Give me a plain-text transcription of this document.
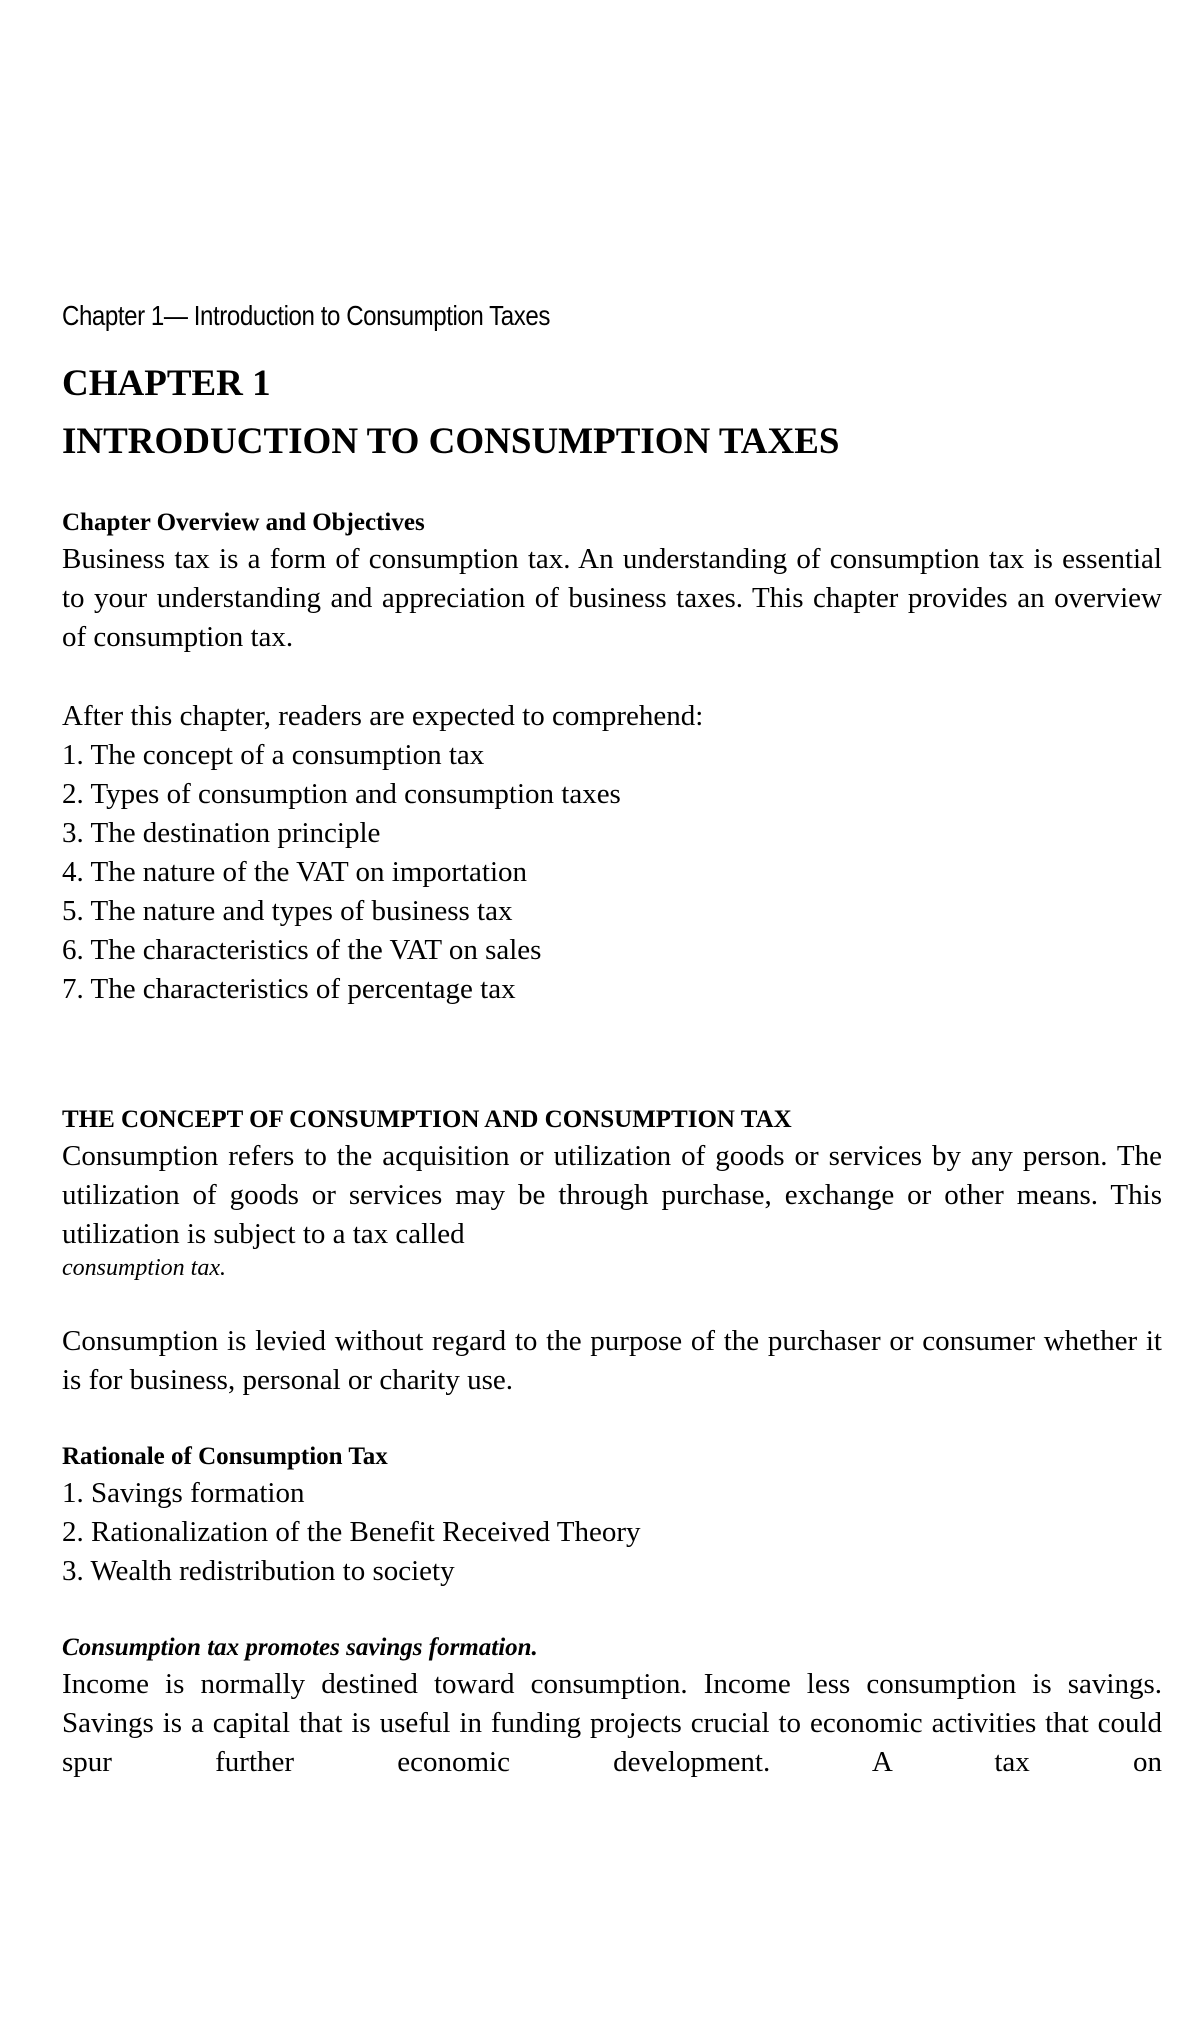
Chapter 1— Introduction to Consumption Taxes
CHAPTER 1
INTRODUCTION TO CONSUMPTION TAXES
Chapter Overview and Objectives
Business tax is a form of consumption tax. An understanding of consumption tax is essential to your understanding and appreciation of business taxes. This chapter provides an overview of consumption tax.
After this chapter, readers are expected to comprehend:
1. The concept of a consumption tax
2. Types of consumption and consumption taxes
3. The destination principle
4. The nature of the VAT on importation
5. The nature and types of business tax
6. The characteristics of the VAT on sales
7. The characteristics of percentage tax
THE CONCEPT OF CONSUMPTION AND CONSUMPTION TAX
Consumption refers to the acquisition or utilization of goods or services by any person. The utilization of goods or services may be through purchase, exchange or other means. This utilization is subject to a tax called
consumption tax.
Consumption is levied without regard to the purpose of the purchaser or consumer whether it is for business, personal or charity use.
Rationale of Consumption Tax
1. Savings formation
2. Rationalization of the Benefit Received Theory
3. Wealth redistribution to society
Consumption tax promotes savings formation.
Income is normally destined toward consumption. Income less consumption is savings. Savings is a capital that is useful in funding projects crucial to economic activities that could spur further economic development. A tax on
